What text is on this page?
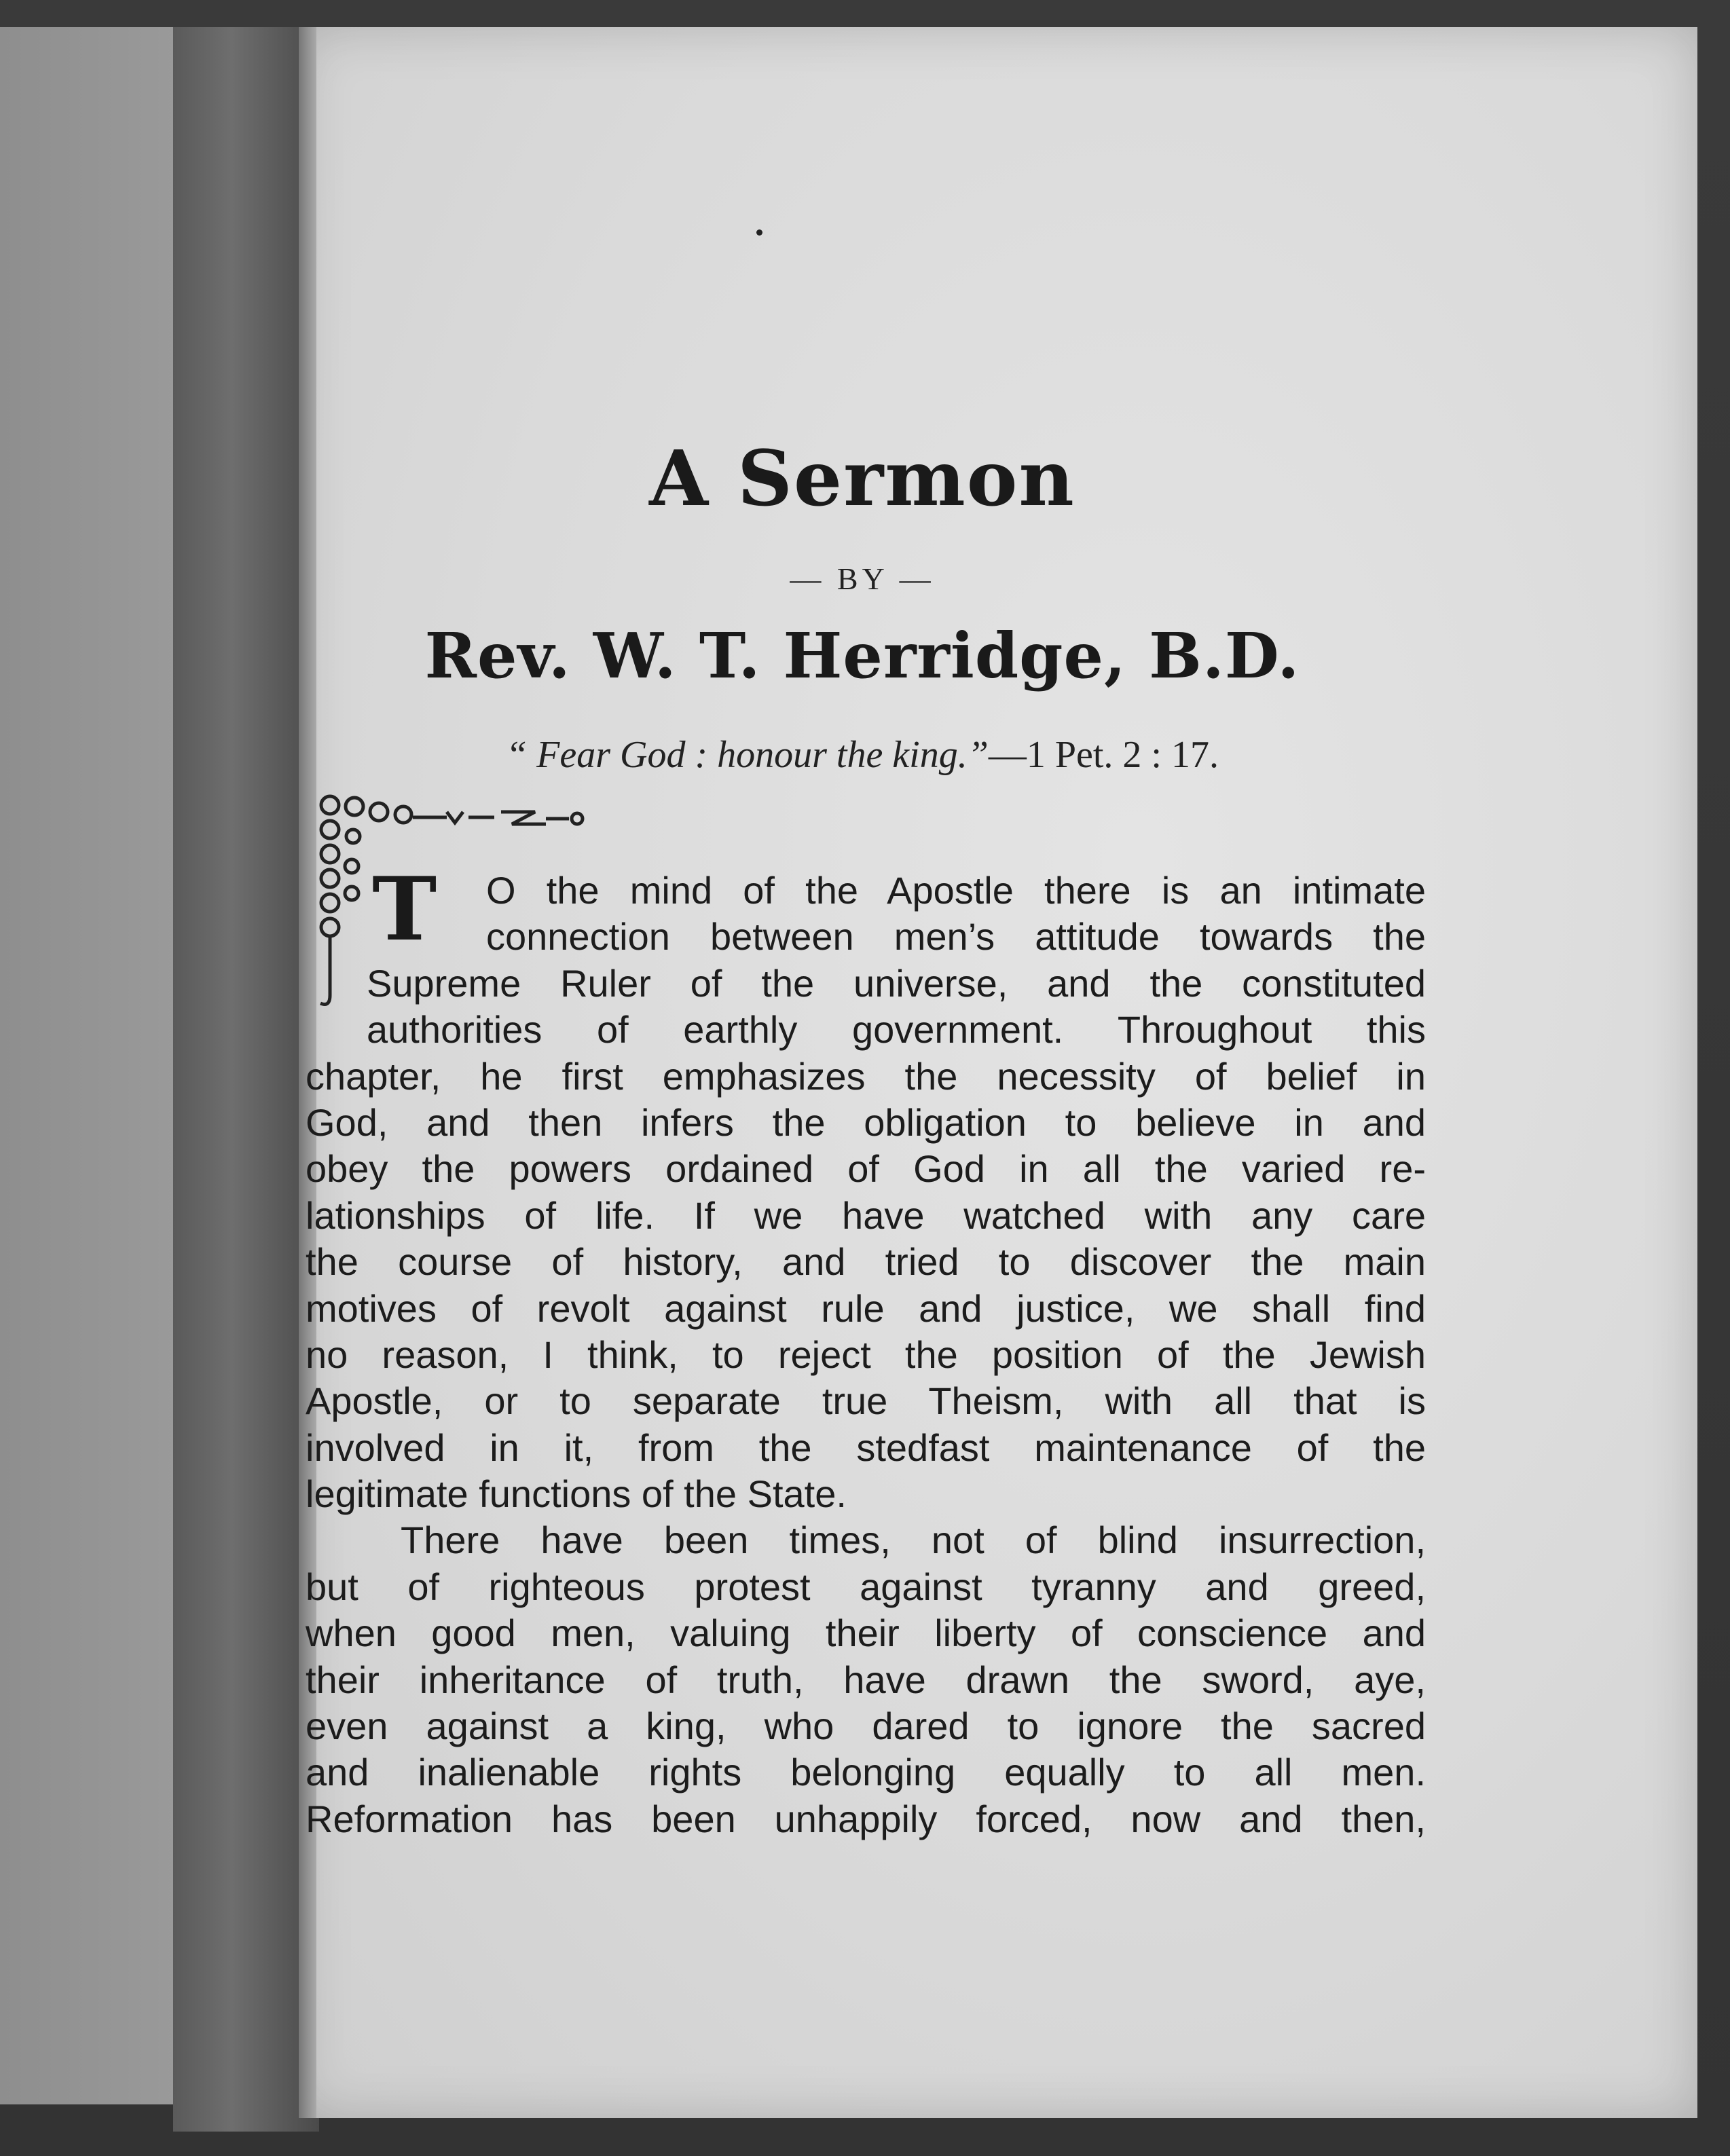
A Sermon
— BY —
Rev. W. T. Herridge, B.D.
“ Fear God : honour the king.”—1 Pet. 2 : 17.
T	O the mind of the Apostle there is an intimate
connection between men’s attitude towards the
Supreme Ruler of the universe, and the constituted
authorities of earthly government. Throughout this
chapter, he first emphasizes the necessity of belief in
God, and then infers the obligation to believe in and
obey the powers ordained of God in all the varied re-
lationships of life. If we have watched with any care
the course of history, and tried to discover the main
motives of revolt against rule and justice, we shall find
no reason, I think, to reject the position of the Jewish
Apostle, or to separate true Theism, with all that is
involved in it, from the stedfast maintenance of the
legitimate functions of the State.
There have been times, not of blind insurrection,
but of righteous protest against tyranny and greed,
when good men, valuing their liberty of conscience and
their inheritance of truth, have drawn the sword, aye,
even against a king, who dared to ignore the sacred
and inalienable rights belonging equally to all men.
Reformation has been unhappily forced, now and then,
